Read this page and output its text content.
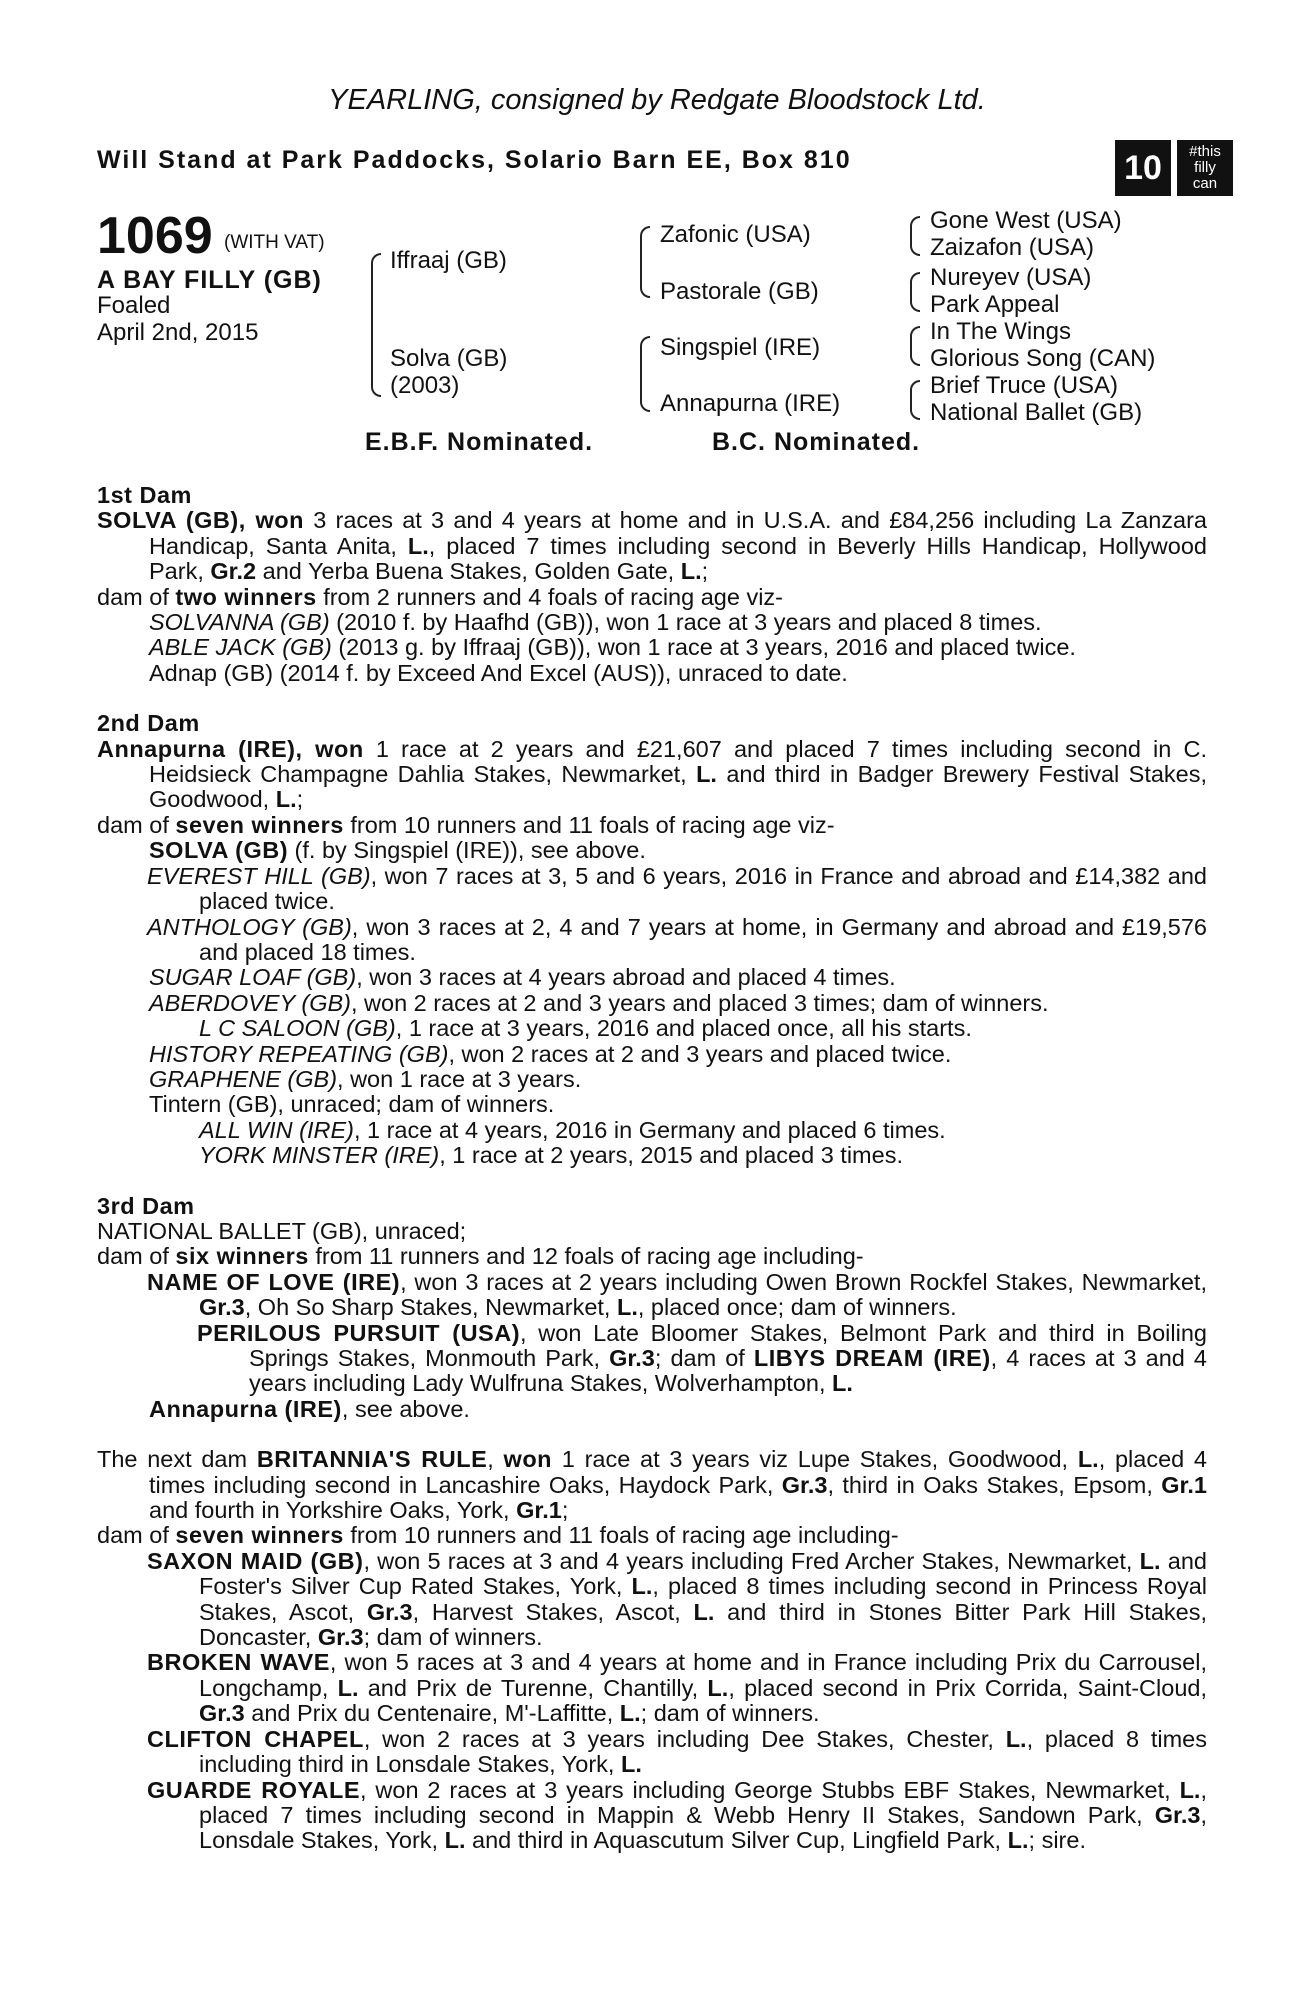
YEARLING, consigned by Redgate Bloodstock Ltd.
Will Stand at Park Paddocks, Solario Barn EE, Box 810	10 #this
filly
can
1069 (WITH VAT)
A BAY FILLY (GB)
Foaled
April 2nd, 2015
Iffraaj (GB)
Solva (GB)
(2003)
Zafonic (USA)
Pastorale (GB)
Singspiel (IRE)
Annapurna (IRE)
Gone West (USA)
Zaizafon (USA)
Nureyev (USA)
Park Appeal
In The Wings
Glorious Song (CAN)
Brief Truce (USA)
National Ballet (GB)
E.B.F. Nominated.	B.C. Nominated.

1st Dam

SOLVA (GB), won 3 races at 3 and 4 years at home and in U.S.A. and £84,256 including La Zanzara Handicap, Santa Anita, L., placed 7 times including second in Beverly Hills Handicap, Hollywood Park, Gr.2 and Yerba Buena Stakes, Golden Gate, L.;

dam of two winners from 2 runners and 4 foals of racing age viz-

SOLVANNA (GB) (2010 f. by Haafhd (GB)), won 1 race at 3 years and placed 8 times.

ABLE JACK (GB) (2013 g. by Iffraaj (GB)), won 1 race at 3 years, 2016 and placed twice.

Adnap (GB) (2014 f. by Exceed And Excel (AUS)), unraced to date.

2nd Dam

Annapurna (IRE), won 1 race at 2 years and £21,607 and placed 7 times including second in C. Heidsieck Champagne Dahlia Stakes, Newmarket, L. and third in Badger Brewery Festival Stakes, Goodwood, L.;

dam of seven winners from 10 runners and 11 foals of racing age viz-

SOLVA (GB) (f. by Singspiel (IRE)), see above.

EVEREST HILL (GB), won 7 races at 3, 5 and 6 years, 2016 in France and abroad and £14,382 and placed twice.

ANTHOLOGY (GB), won 3 races at 2, 4 and 7 years at home, in Germany and abroad and £19,576 and placed 18 times.

SUGAR LOAF (GB), won 3 races at 4 years abroad and placed 4 times.

ABERDOVEY (GB), won 2 races at 2 and 3 years and placed 3 times; dam of winners.

L C SALOON (GB), 1 race at 3 years, 2016 and placed once, all his starts.

HISTORY REPEATING (GB), won 2 races at 2 and 3 years and placed twice.

GRAPHENE (GB), won 1 race at 3 years.

Tintern (GB), unraced; dam of winners.

ALL WIN (IRE), 1 race at 4 years, 2016 in Germany and placed 6 times.

YORK MINSTER (IRE), 1 race at 2 years, 2015 and placed 3 times.

3rd Dam

NATIONAL BALLET (GB), unraced;

dam of six winners from 11 runners and 12 foals of racing age including-

NAME OF LOVE (IRE), won 3 races at 2 years including Owen Brown Rockfel Stakes, Newmarket, Gr.3, Oh So Sharp Stakes, Newmarket, L., placed once; dam of winners.

PERILOUS PURSUIT (USA), won Late Bloomer Stakes, Belmont Park and third in Boiling Springs Stakes, Monmouth Park, Gr.3; dam of LIBYS DREAM (IRE), 4 races at 3 and 4 years including Lady Wulfruna Stakes, Wolverhampton, L.

Annapurna (IRE), see above.

The next dam BRITANNIA'S RULE, won 1 race at 3 years viz Lupe Stakes, Goodwood, L., placed 4 times including second in Lancashire Oaks, Haydock Park, Gr.3, third in Oaks Stakes, Epsom, Gr.1 and fourth in Yorkshire Oaks, York, Gr.1;

dam of seven winners from 10 runners and 11 foals of racing age including-

SAXON MAID (GB), won 5 races at 3 and 4 years including Fred Archer Stakes, Newmarket, L. and Foster's Silver Cup Rated Stakes, York, L., placed 8 times including second in Princess Royal Stakes, Ascot, Gr.3, Harvest Stakes, Ascot, L. and third in Stones Bitter Park Hill Stakes, Doncaster, Gr.3; dam of winners.

BROKEN WAVE, won 5 races at 3 and 4 years at home and in France including Prix du Carrousel, Longchamp, L. and Prix de Turenne, Chantilly, L., placed second in Prix Corrida, Saint-Cloud, Gr.3 and Prix du Centenaire, M'-Laffitte, L.; dam of winners.

CLIFTON CHAPEL, won 2 races at 3 years including Dee Stakes, Chester, L., placed 8 times including third in Lonsdale Stakes, York, L.

GUARDE ROYALE, won 2 races at 3 years including George Stubbs EBF Stakes, Newmarket, L., placed 7 times including second in Mappin & Webb Henry II Stakes, Sandown Park, Gr.3, Lonsdale Stakes, York, L. and third in Aquascutum Silver Cup, Lingfield Park, L.; sire.
